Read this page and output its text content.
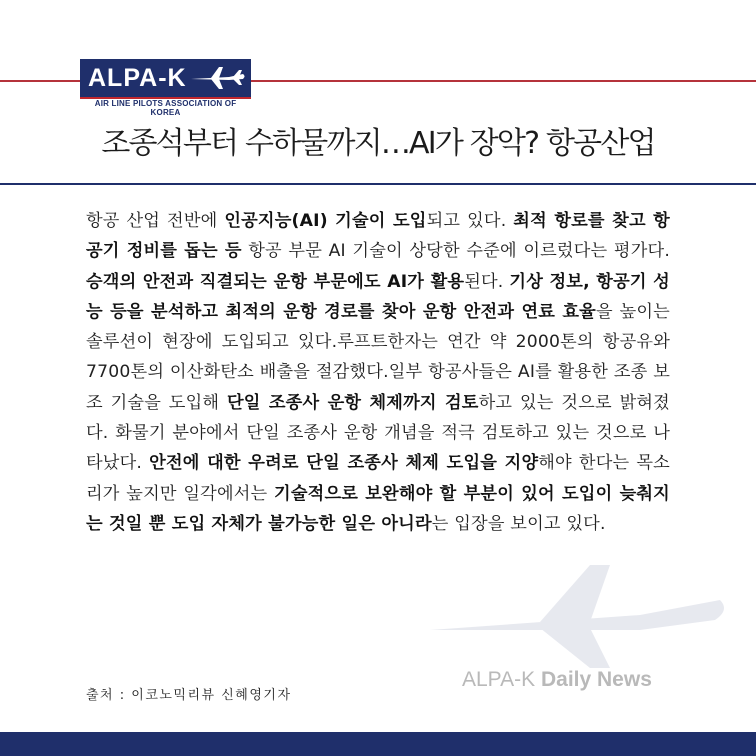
ALPA-K
AIR LINE PILOTS ASSOCIATION OF KOREA
조종석부터 수하물까지…AI가 장악? 항공산업
항공 산업 전반에 인공지능(AI) 기술이 도입되고 있다. 최적 항로를 찾고 항공기 정비를 돕는 등 항공 부문 AI 기술이 상당한 수준에 이르렀다는 평가다. 승객의 안전과 직결되는 운항 부문에도 AI가 활용된다. 기상 정보, 항공기 성능 등을 분석하고 최적의 운항 경로를 찾아 운항 안전과 연료 효율을 높이는 솔루션이 현장에 도입되고 있다.루프트한자는 연간 약 2000톤의 항공유와 7700톤의 이산화탄소 배출을 절감했다.일부 항공사들은 AI를 활용한 조종 보조 기술을 도입해 단일 조종사 운항 체제까지 검토하고 있는 것으로 밝혀졌다. 화물기 분야에서 단일 조종사 운항 개념을 적극 검토하고 있는 것으로 나타났다. 안전에 대한 우려로 단일 조종사 체제 도입을 지양해야 한다는 목소리가 높지만 일각에서는 기술적으로 보완해야 할 부분이 있어 도입이 늦춰지는 것일 뿐 도입 자체가 불가능한 일은 아니라는 입장을 보이고 있다.
출처 : 이코노믹리뷰 신혜영기자
ALPA-K Daily News
